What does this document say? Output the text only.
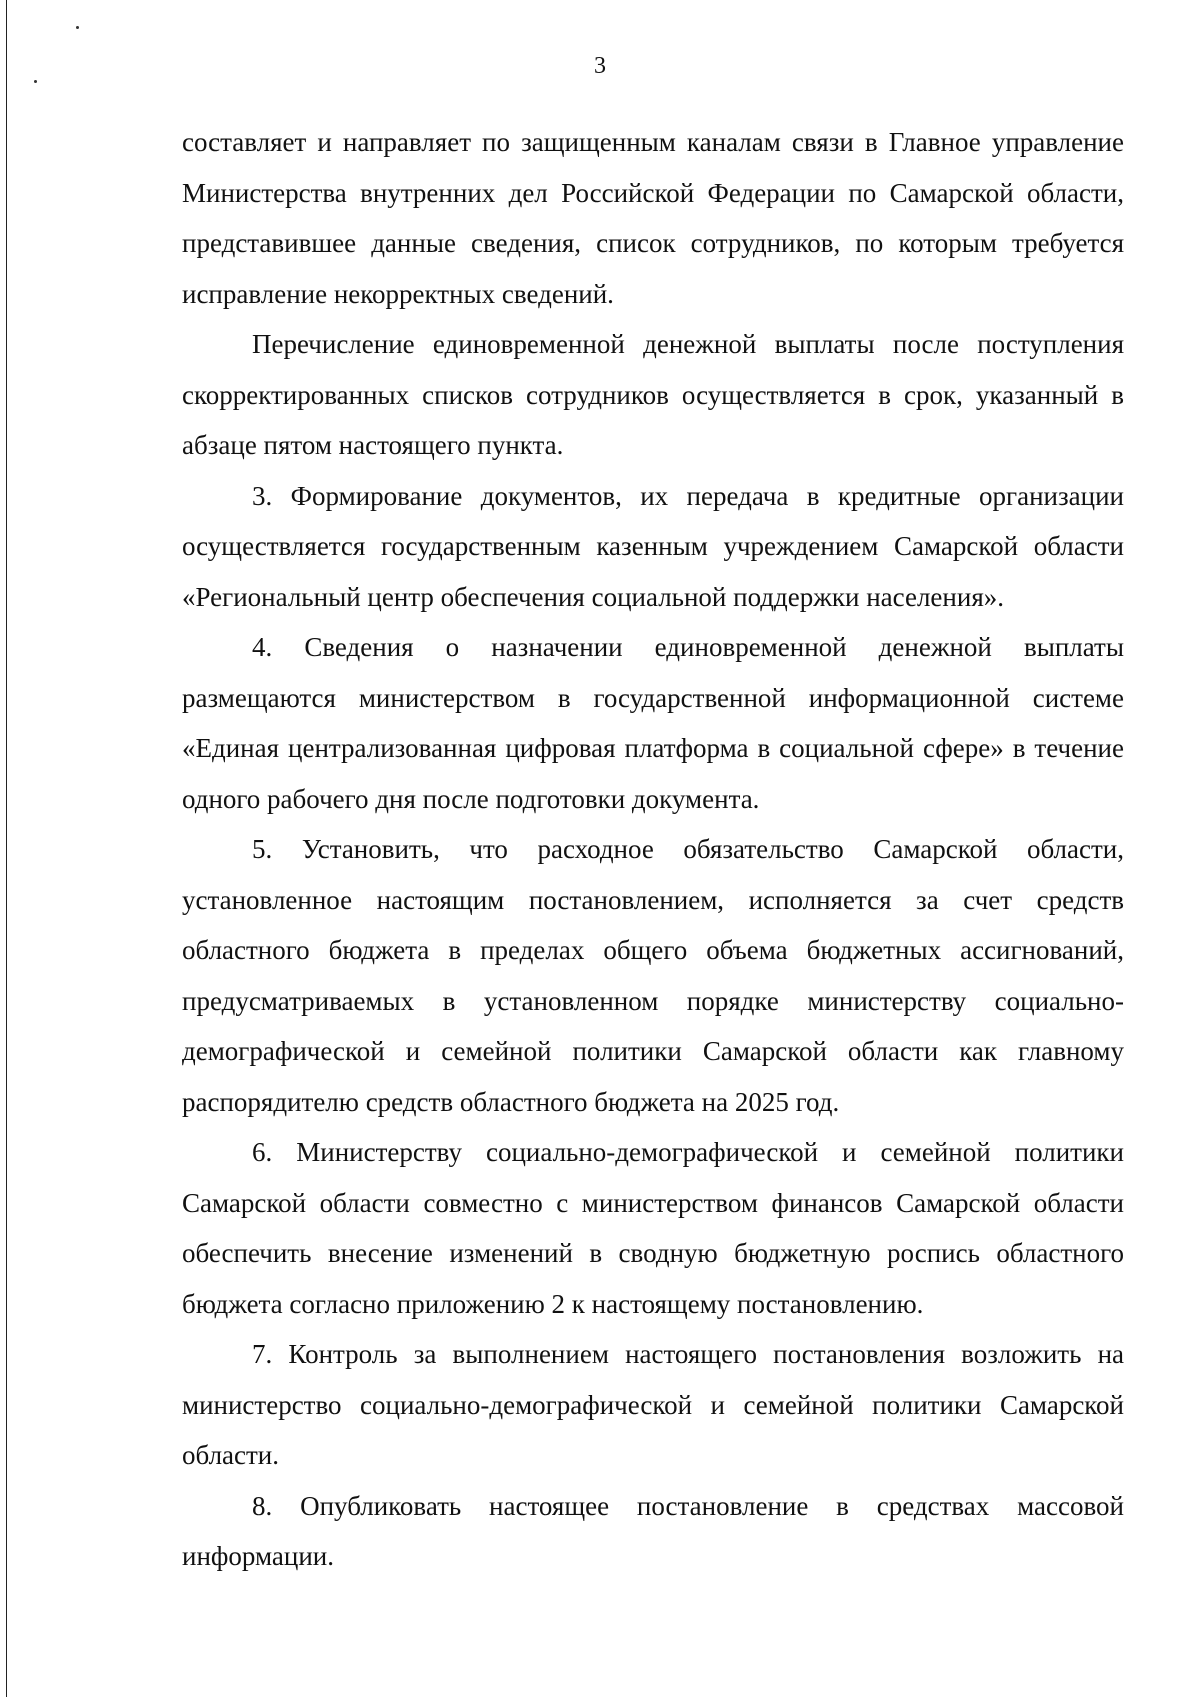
3

составляет и направляет по защищенным каналам связи в Главное управление Министерства внутренних дел Российской Федерации по Самарской области, представившее данные сведения, список сотрудников, по которым требуется исправление некорректных сведений.

Перечисление единовременной денежной выплаты после поступления скорректированных списков сотрудников осуществляется в срок, указанный в абзаце пятом настоящего пункта.

3. Формирование документов, их передача в кредитные организации осуществляется государственным казенным учреждением Самарской области «Региональный центр обеспечения социальной поддержки населения».

4. Сведения о назначении единовременной денежной выплаты размещаются министерством в государственной информационной системе «Единая централизованная цифровая платформа в социальной сфере» в течение одного рабочего дня после подготовки документа.

5. Установить, что расходное обязательство Самарской области, установленное настоящим постановлением, исполняется за счет средств областного бюджета в пределах общего объема бюджетных ассигнований, предусматриваемых в установленном порядке министерству социально-демографической и семейной политики Самарской области как главному распорядителю средств областного бюджета на 2025 год.

6. Министерству социально-демографической и семейной политики Самарской области совместно с министерством финансов Самарской области обеспечить внесение изменений в сводную бюджетную роспись областного бюджета согласно приложению 2 к настоящему постановлению.

7. Контроль за выполнением настоящего постановления возложить на министерство социально-демографической и семейной политики Самарской области.

8. Опубликовать настоящее постановление в средствах массовой информации.
